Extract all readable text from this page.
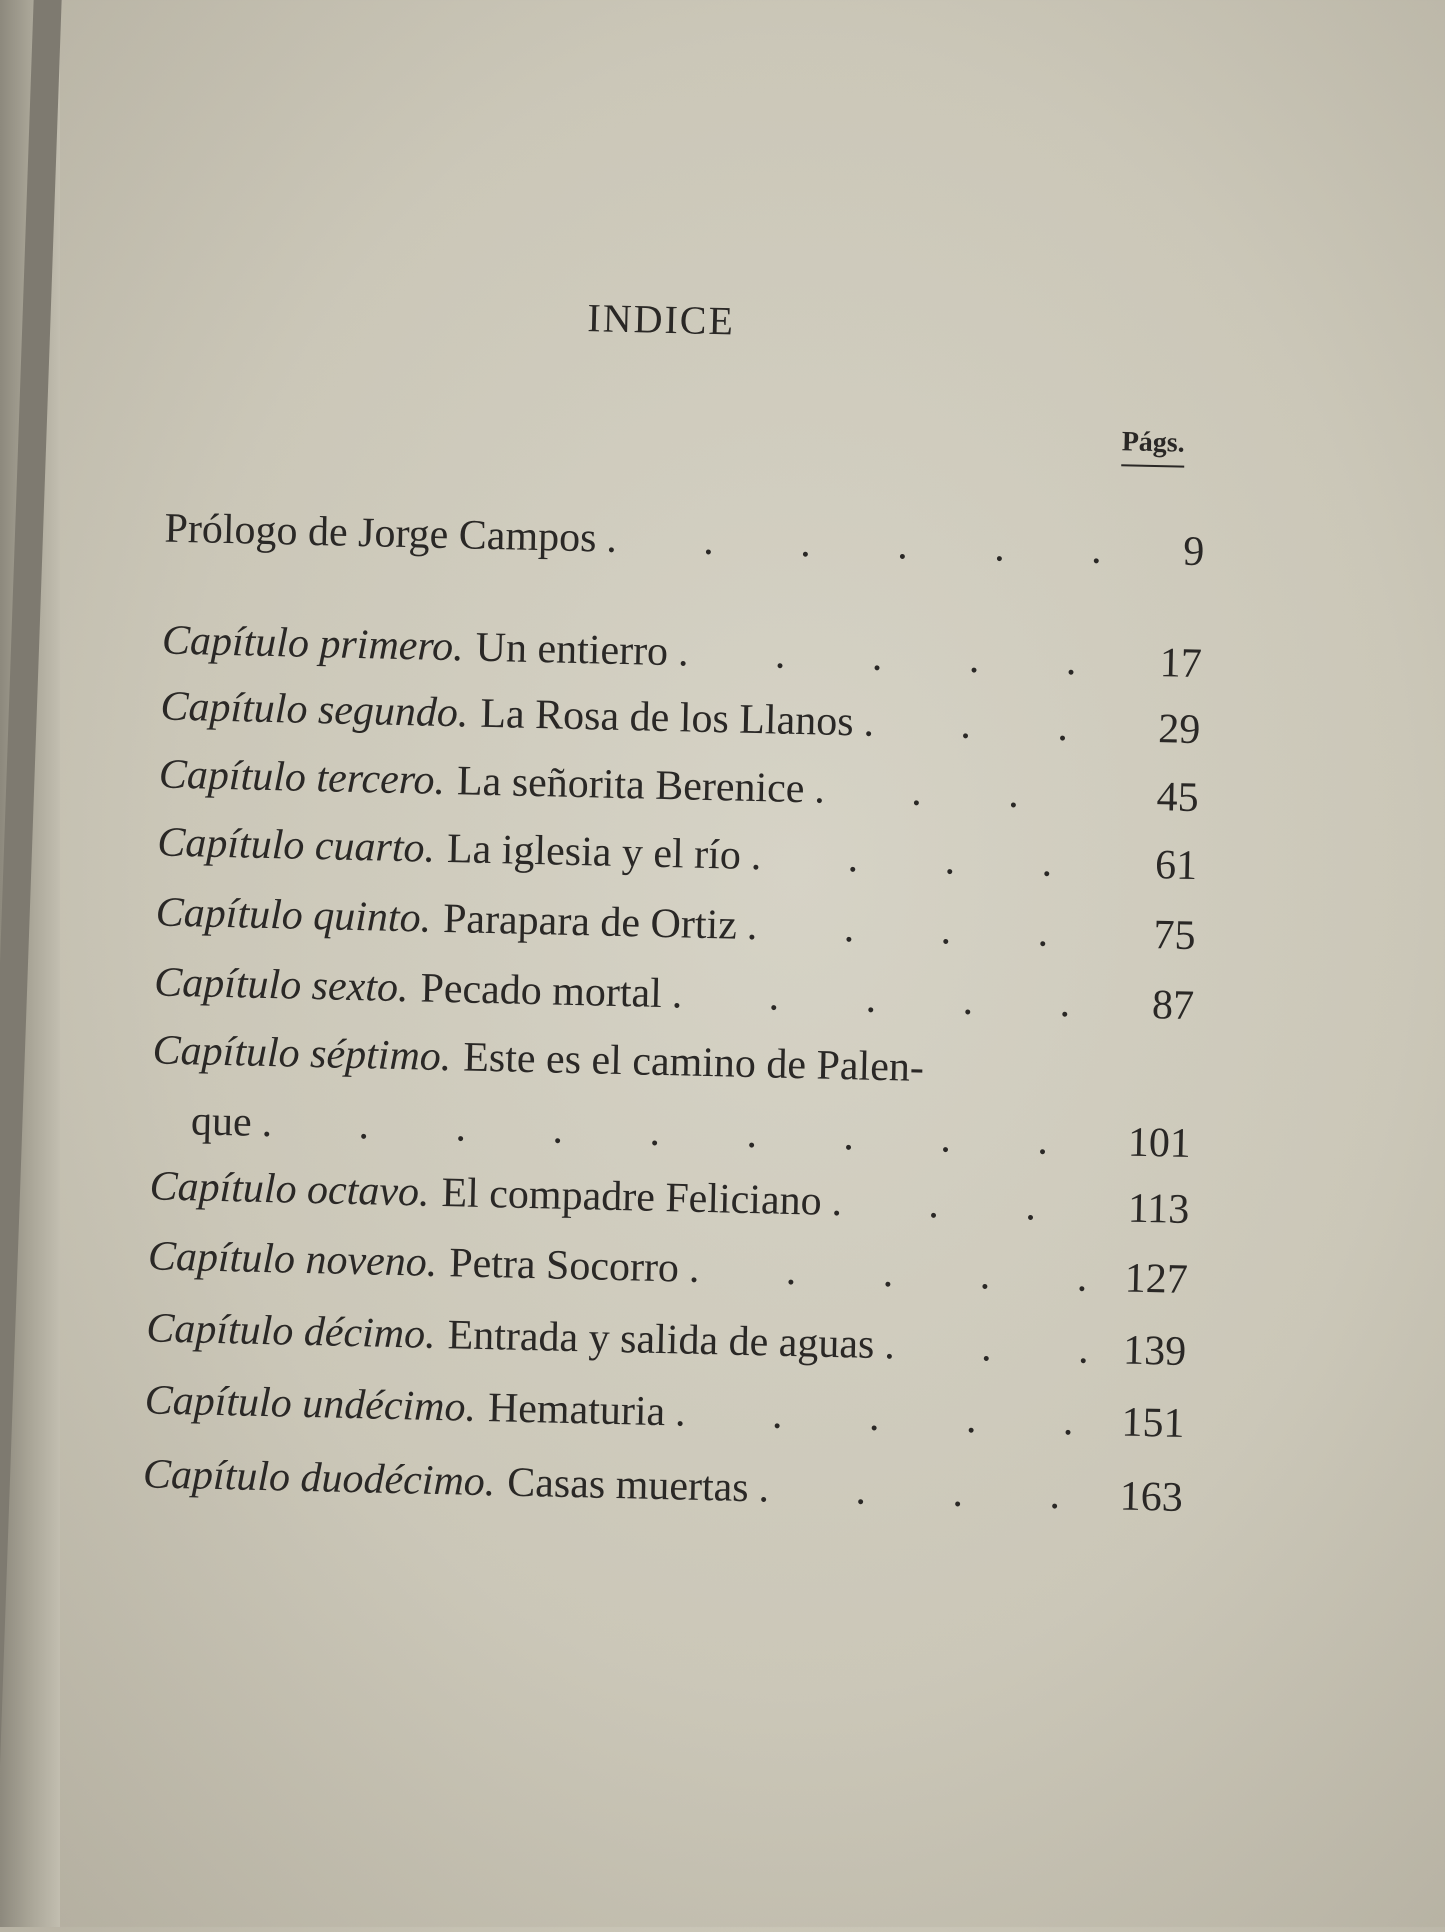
INDICE
Págs.
Prólogo de Jorge Campos . . .	9
Capítulo primero. Un entierro . . .	17
Capítulo segundo. La Rosa de los Llanos . . .	29
Capítulo tercero. La señorita Berenice . . .	45
Capítulo cuarto. La iglesia y el río . . .	61
Capítulo quinto. Parapara de Ortiz . . .	75
Capítulo sexto. Pecado mortal . . .	87
Capítulo séptimo. Este es el camino de Palen-
que . . .	101
Capítulo octavo. El compadre Feliciano . . .	113
Capítulo noveno. Petra Socorro . . .	127
Capítulo décimo. Entrada y salida de aguas . . .	139
Capítulo undécimo. Hematuria . . .	151
Capítulo duodécimo. Casas muertas . . .	163
